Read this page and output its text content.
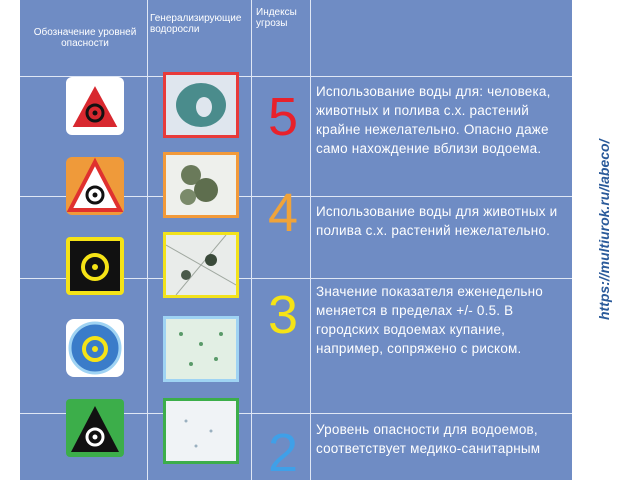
Обозначение уровней опасности
Генерализирующие водоросли
Индексы угрозы
5
4
3
2
Использование воды для: человека, животных и полива с.х. растений крайне нежелательно. Опасно даже само нахождение вблизи водоема.
Использование воды для животных и полива с.х. растений нежелательно.
Значение показателя еженедельно меняется в пределах +/- 0.5. В городских водоемах купание, например, сопряжено с риском.
Уровень опасности для водоемов, соответствует медико-санитарным
https://multiurok.ru/labeco/
